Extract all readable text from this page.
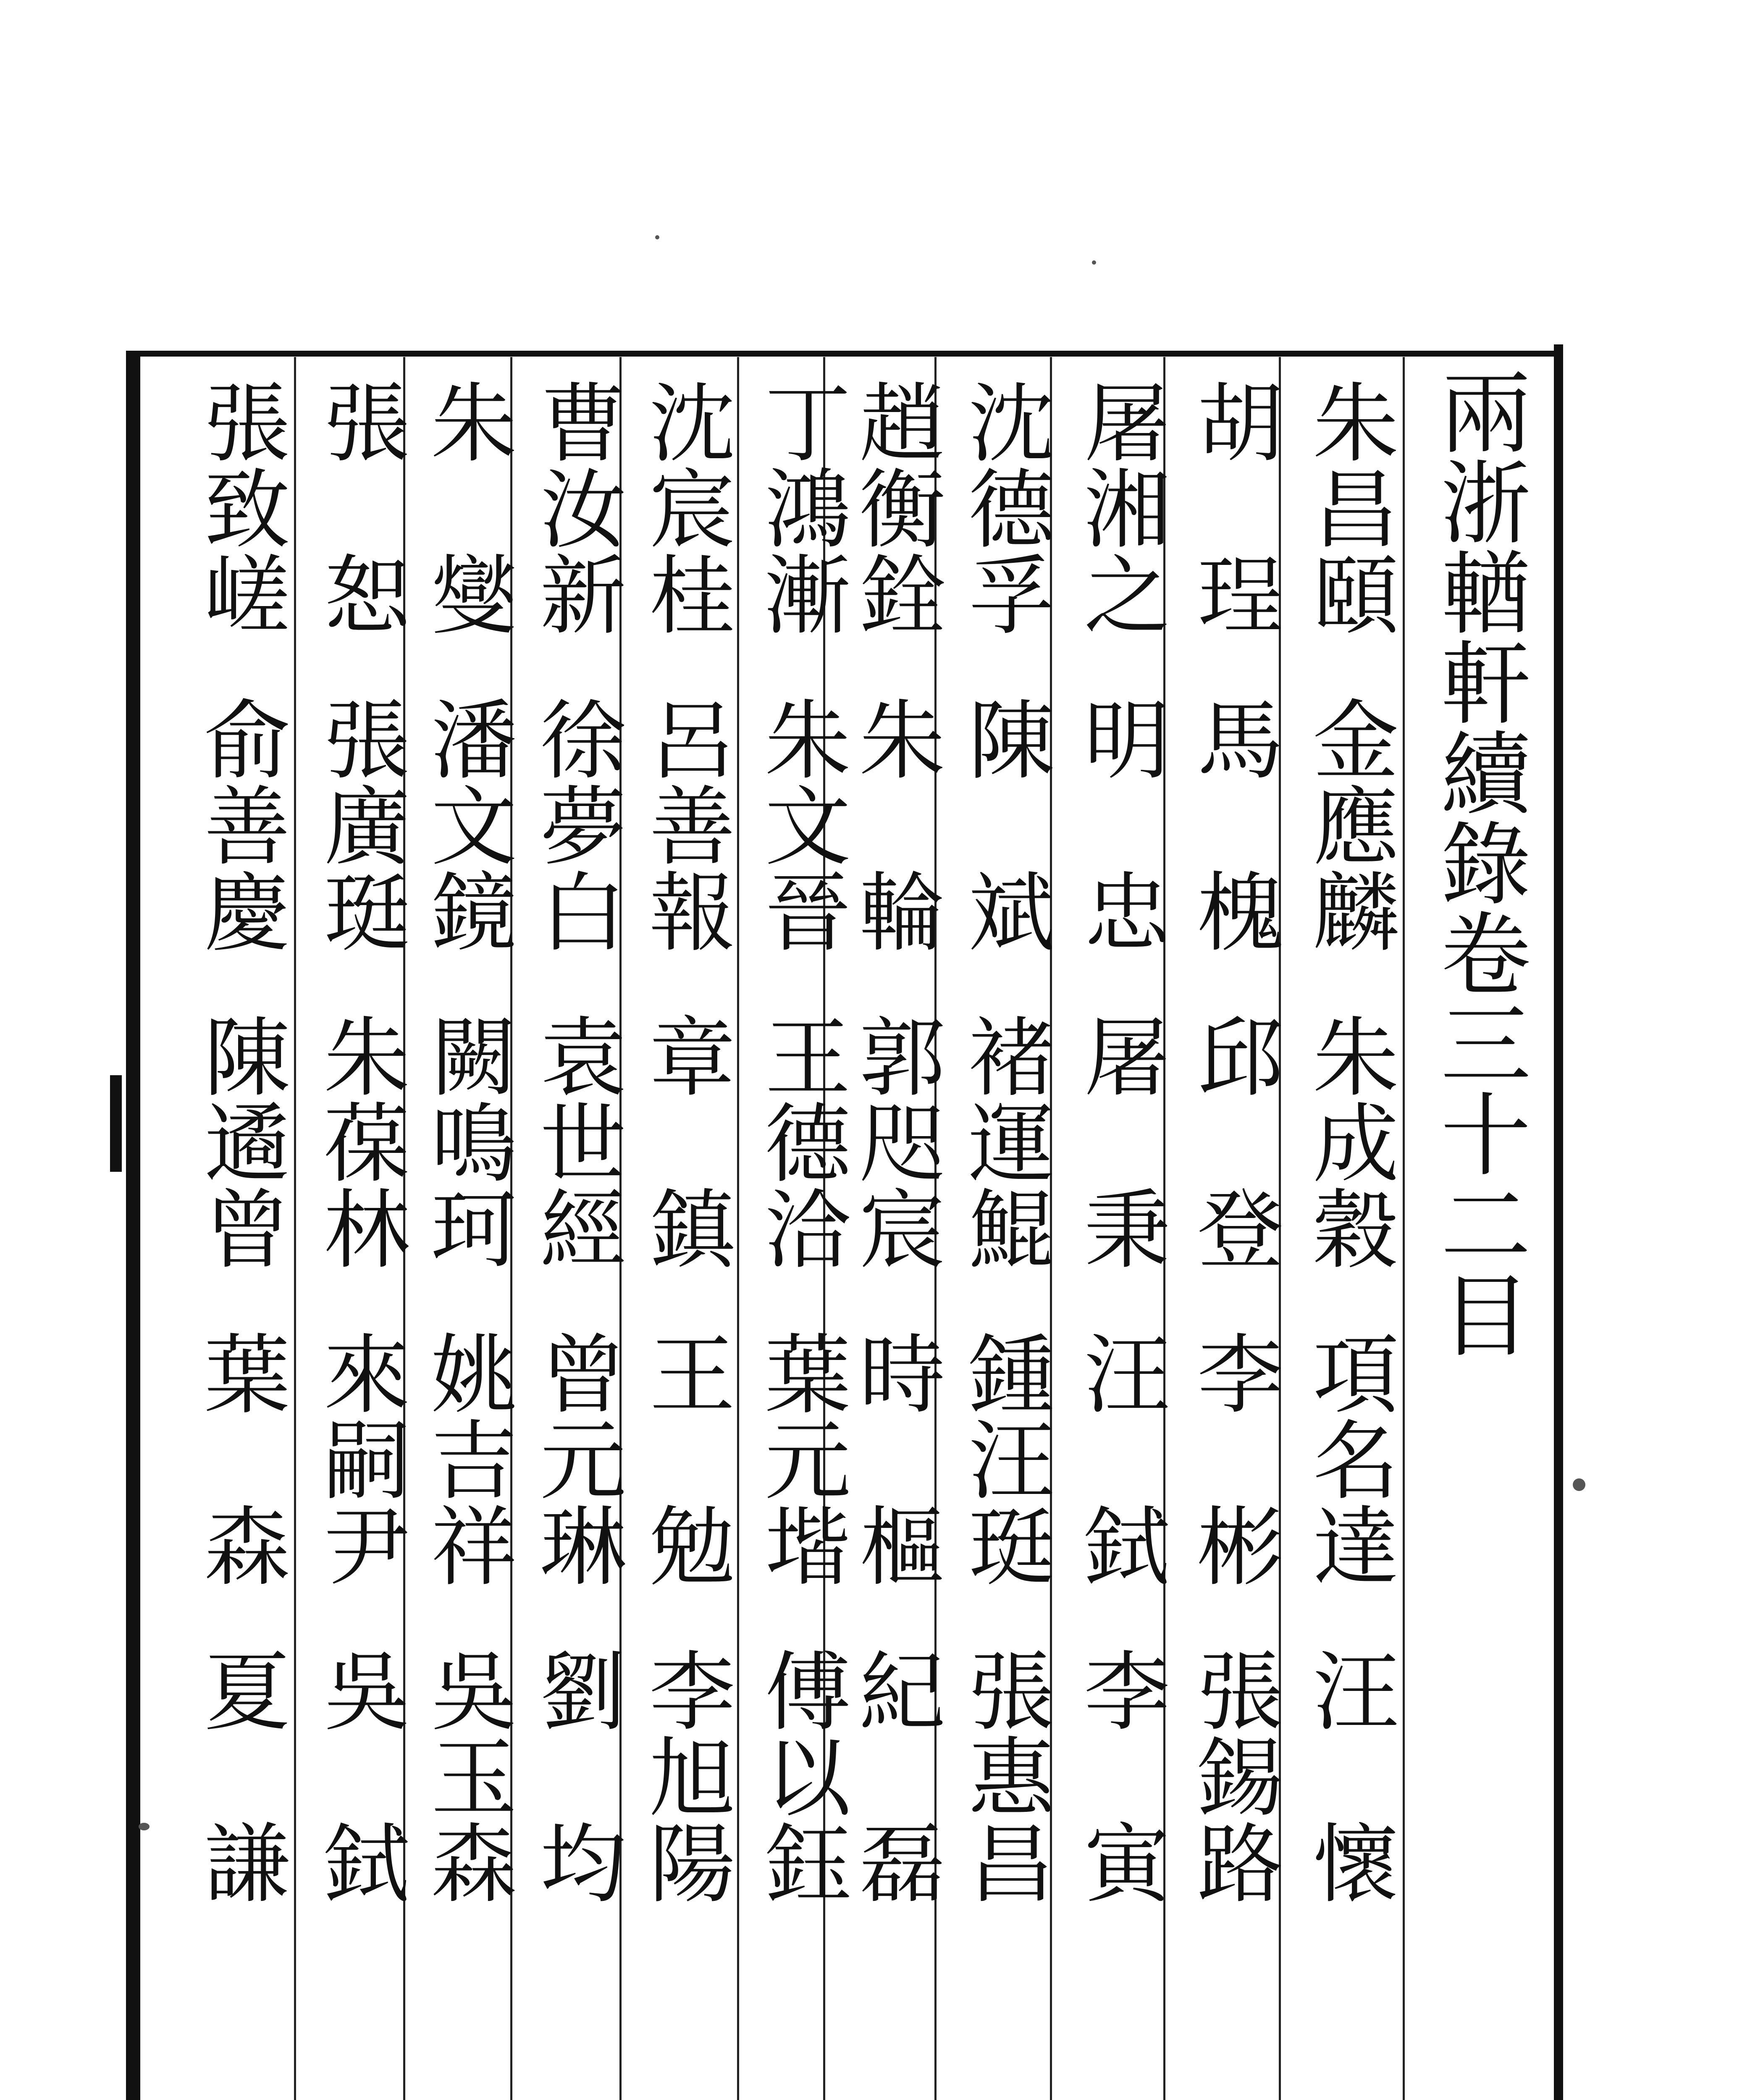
兩浙輶軒續錄卷三十二目
朱昌頤金應麟朱成穀項名達汪　懷
胡　珵馬　槐邱　登李　彬張錫路
屠湘之明　忠屠　秉汪　鉽李　寅
沈德孚陳　斌褚運鯤鍾汪珽張惠昌
趙衡銓朱　輪郭咫宸時　樞紀　磊
丁鴻漸朱文晉王德洽葉元堦傅以鈺
沈宸桂呂善報章　鎮王　勉李旭陽
曹汝新徐夢白袁世經曾元琳劉　均
朱　燮潘文鏡闕鳴珂姚吉祥吳玉森
張　恕張廣珽朱葆林來嗣尹吳　鉽
張致嵯俞善慶陳遹曾葉　森夏　謙
